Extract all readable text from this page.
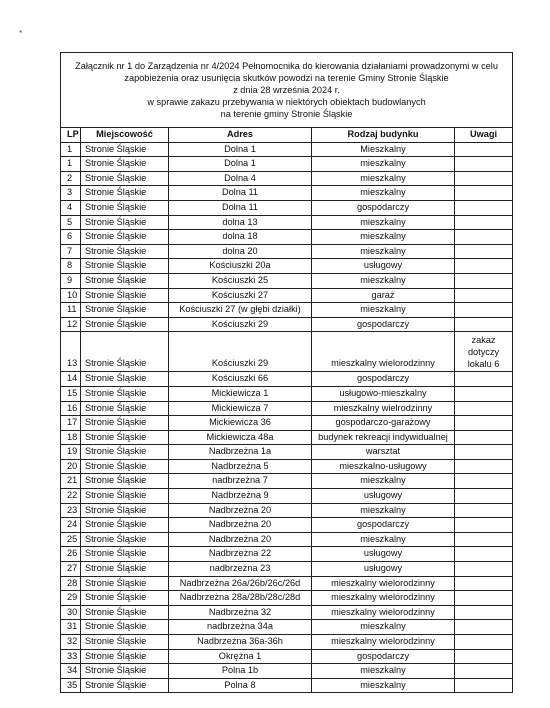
*
Załącznik nr 1 do Zarządzenia nr 4/2024 Pełnomocnika do kierowania działaniami prowadzonymi w celu
zapobieżenia oraz usunięcia skutków powodzi na terenie Gminy Stronie Śląskie
z dnia 28 września 2024 r.
w sprawie zakazu przebywania w niektórych obiektach budowlanych
na terenie gminy Stronie Śląskie				

LP	Miejscowość	Adres	Rodzaj budynku	Uwagi
1	Stronie Śląskie	Dolna 1	Mieszkalny	
1	Stronie Śląskie	Dolna 1	mieszkalny	
2	Stronie Śląskie	Dolna 4	mieszkalny	
3	Stronie Śląskie	Dolna 11	mieszkalny	
4	Stronie Śląskie	Dolna 11	gospodarczy	
5	Stronie Śląskie	dolna 13	mieszkalny	
6	Stronie Śląskie	dolna 18	mieszkalny	
7	Stronie Śląskie	dolna 20	mieszkalny	
8	Stronie Śląskie	Kościuszki 20a	usługowy	
9	Stronie Śląskie	Kościuszki 25	mieszkalny	
10	Stronie Śląskie	Kościuszki 27	garaż	
11	Stronie Śląskie	Kościuszki 27 (w głębi działki)	mieszkalny	
12	Stronie Śląskie	Kościuszki 29	gospodarczy	
13	Stronie Śląskie	Kościuszki 29	mieszkalny wielorodzinny	zakaz dotyczy lokalu 6
14	Stronie Śląskie	Kościuszki 66	gospodarczy	
15	Stronie Śląskie	Mickiewicza 1	usługowo-mieszkalny	
16	Stronie Śląskie	Mickiewicza 7	mieszkalny wielrodzinny	
17	Stronie Śląskie	Mickiewicza 36	gospodarczo-garażowy	
18	Stronie Śląskie	Mickiewicza 48a	budynek rekreacji indywidualnej	
19	Stronie Śląskie	Nadbrzeżna 1a	warsztat	
20	Stronie Śląskie	Nadbrzeżna 5	mieszkalno-usługowy	
21	Stronie Śląskie	nadbrzeżna 7	mieszkalny	
22	Stronie Śląskie	Nadbrzeżna 9	usługowy	
23	Stronie Śląskie	Nadbrzeżna 20	mieszkalny	
24	Stronie Śląskie	Nadbrzeżna 20	gospodarczy	
25	Stronie Śląskie	Nadbrzeżna 20	mieszkalny	
26	Stronie Śląskie	Nadbrzeżna 22	usługowy	
27	Stronie Śląskie	nadbrzeżna 23	usługowy	
28	Stronie Śląskie	Nadbrzeżna 26a/26b/26c/26d	mieszkalny wielorodzinny	
29	Stronie Śląskie	Nadbrzeżna 28a/28b/28c/28d	mieszkalny wielorodzinny	
30	Stronie Śląskie	Nadbrzeżna 32	mieszkalny wielorodzinny	
31	Stronie Śląskie	nadbrzeżna 34a	mieszkalny	
32	Stronie Śląskie	Nadbrzeżna 36a-36h	mieszkalny wielorodzinny	
33	Stronie Śląskie	Okrężna 1	gospodarczy	
34	Stronie Śląskie	Polna 1b	mieszkalny	
35	Stronie Śląskie	Polna 8	mieszkalny	
